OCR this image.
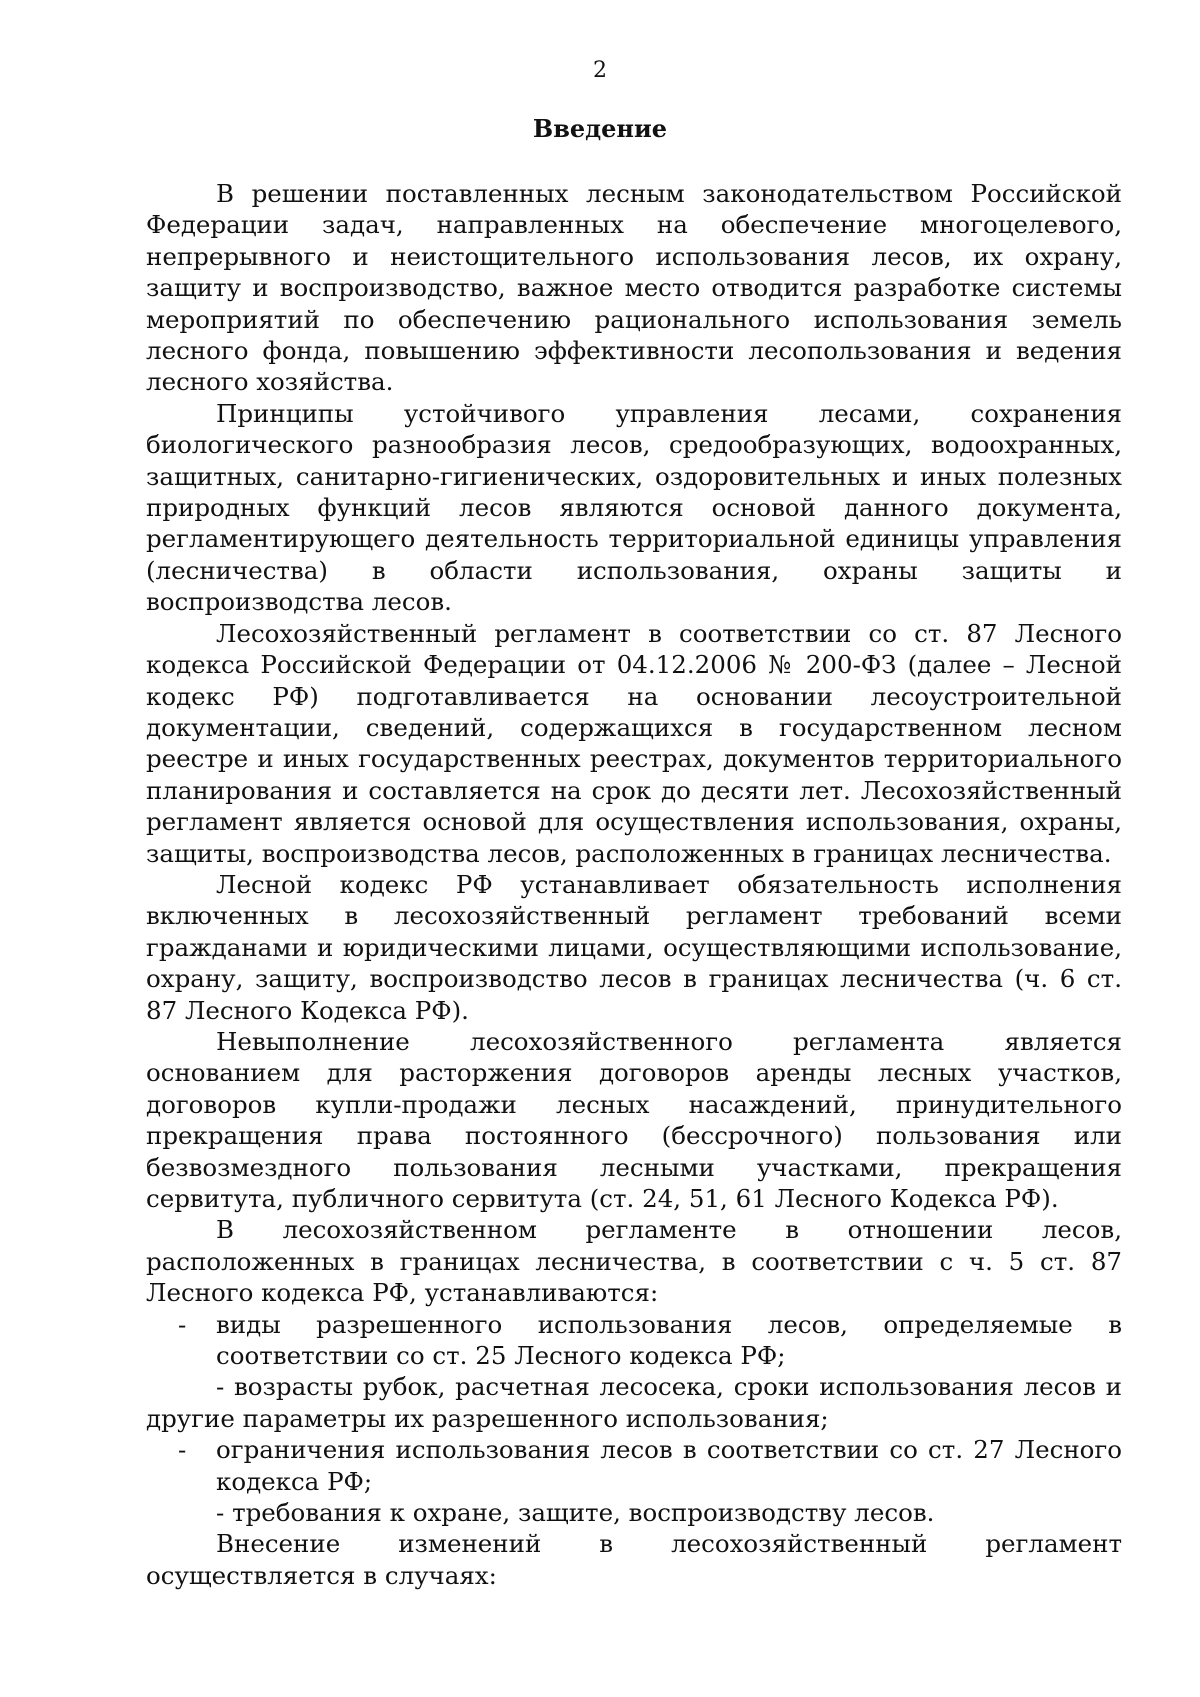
2
Введение

В решении поставленных лесным законодательством Российской Федерации задач, направленных на обеспечение многоцелевого, непрерывного и неистощительного использования лесов, их охрану, защиту и воспроизводство, важное место отводится разработке системы мероприятий по обеспечению рационального использования земель лесного фонда, повышению эффективности лесопользования и ведения лесного хозяйства.

Принципы устойчивого управления лесами, сохранения биологического разнообразия лесов, средообразующих, водоохранных, защитных, санитарно-гигиенических, оздоровительных и иных полезных природных функций лесов являются основой данного документа, регламентирующего деятельность территориальной единицы управления (лесничества) в области использования, охраны защиты и воспроизводства лесов.

Лесохозяйственный регламент в соответствии со ст. 87 Лесного кодекса Российской Федерации от 04.12.2006 № 200-ФЗ (далее – Лесной кодекс РФ) подготавливается на основании лесоустроительной документации, сведений, содержащихся в государственном лесном реестре и иных государственных реестрах, документов территориального планирования и составляется на срок до десяти лет. Лесохозяйственный регламент является основой для осуществления использования, охраны, защиты, воспроизводства лесов, расположенных в границах лесничества.

Лесной кодекс РФ устанавливает обязательность исполнения включенных в лесохозяйственный регламент требований всеми гражданами и юридическими лицами, осуществляющими использование, охрану, защиту, воспроизводство лесов в границах лесничества (ч. 6 ст. 87 Лесного Кодекса РФ).

Невыполнение лесохозяйственного регламента является основанием для расторжения договоров аренды лесных участков, договоров купли-продажи лесных насаждений, принудительного прекращения права постоянного (бессрочного) пользования или безвозмездного пользования лесными участками, прекращения сервитута, публичного сервитута (ст. 24, 51, 61 Лесного Кодекса РФ).

В лесохозяйственном регламенте в отношении лесов, расположенных в границах лесничества, в соответствии с ч. 5 ст. 87 Лесного кодекса РФ, устанавливаются:

- виды разрешенного использования лесов, определяемые в соответствии со ст. 25 Лесного кодекса РФ;

- возрасты рубок, расчетная лесосека, сроки использования лесов и другие параметры их разрешенного использования;

- ограничения использования лесов в соответствии со ст. 27 Лесного кодекса РФ;

- требования к охране, защите, воспроизводству лесов.

Внесение изменений в лесохозяйственный регламент осуществляется в случаях:
